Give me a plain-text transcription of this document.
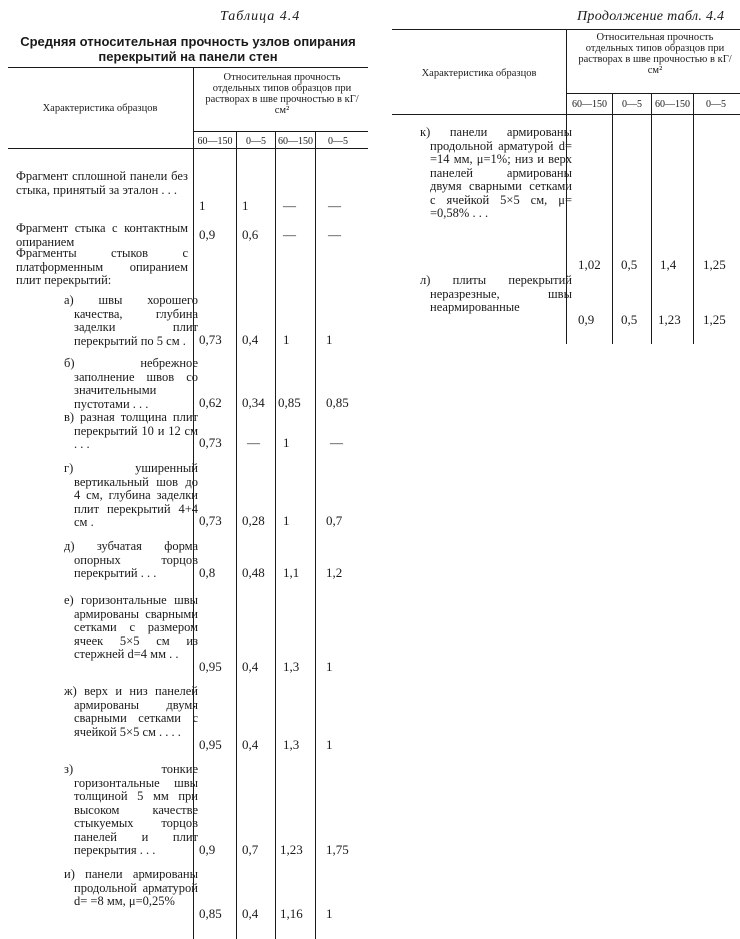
Таблица 4.4
Средняя относительная прочность узлов опирания перекрытий на панели стен
Характеристика образцов
Относительная прочность отдельных типов образцов при растворах в шве прочностью в кГ/см²
60—150	0—5	60—150	0—5
Фрагмент сплошной панели без стыка, принятый за эталон . . .
1	1	— —
Фрагмент стыка с контактным опиранием	0,9 0,6 — —
Фрагменты стыков с платформенным опиранием плит перекрытий:
а) швы хорошего качества, глубина заделки плит перекрытий по 5 см .	0,73 0,4 1	1
б) небрежное заполнение швов со значительными пустотами . . .	0,62 0,34 0,85 0,85
в) разная толщина плит перекрытий 10 и 12 см . . .	0,73 — 1	—
г) уширенный вертикальный шов до 4 см, глубина заделки плит перекрытий 4+4 см .	0,73 0,28 1	0,7
д) зубчатая форма опорных торцов перекрытий . . .	0,8 0,48 1,1 1,2
е) горизонтальные швы армированы сварными сетками с размером ячеек 5×5 см из стержней d=4 мм . .
0,95 0,4 1,3 1
ж) верх и низ панелей армированы двумя сварными сетками с ячейкой 5×5 см . . . .
0,95 0,4 1,3 1
з) тонкие горизонтальные швы толщиной 5 мм при высоком качестве стыкуемых торцов панелей и плит перекрытия . . .	0,9 0,7 1,23 1,75
и) панели армированы продольной арматурой d= =8 мм, μ=0,25%
0,85 0,4 1,16 1
Продолжение табл. 4.4
Характеристика образцов
Относительная прочность отдельных типов образцов при растворах в шве прочностью в кГ/см²
60—150	0—5	60—150	0—5
к) панели армированы продольной арматурой d= =14 мм, μ=1%; низ и верх панелей армированы двумя сварными сетками с ячейкой 5×5 см, μ= =0,58% . . .
1,02 0,5 1,4 1,25
л) плиты перекрытий неразрезные, швы неармированные
0,9 0,5 1,23 1,25
